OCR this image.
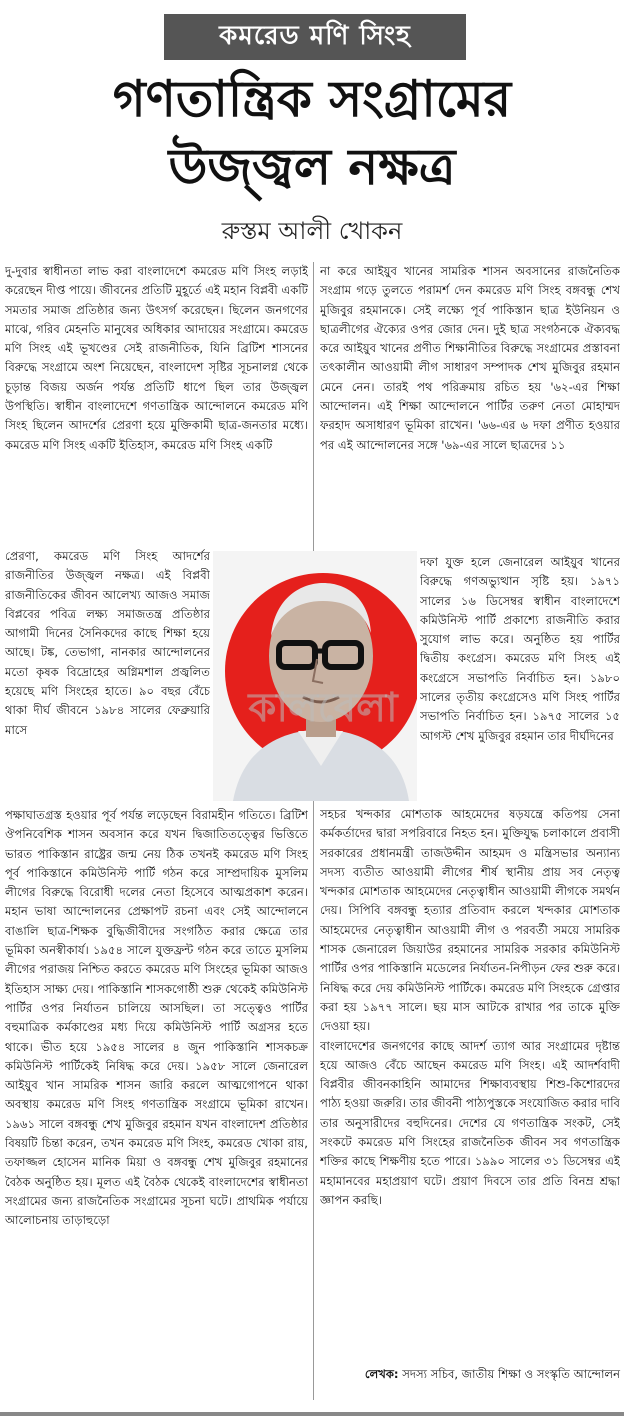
কমরেড মণি সিংহ
গণতান্ত্রিক সংগ্রামের
উজ্জ্বল নক্ষত্র
রুস্তম আলী খোকন

দু-দুবার স্বাধীনতা লাভ করা বাংলাদেশে কমরেড মণি সিংহ লড়াই করেছেন দীপ্ত পায়ে। জীবনের প্রতিটি মুহূর্তে এই মহান বিপ্লবী একটি সমতার সমাজ প্রতিষ্ঠার জন্য উৎসর্গ করেছেন। ছিলেন জনগণের মাঝে, গরিব মেহনতি মানুষের অধিকার আদায়ের সংগ্রামে। কমরেড মণি সিংহ এই ভূখণ্ডের সেই রাজনীতিক, যিনি ব্রিটিশ শাসনের বিরুদ্ধে সংগ্রামে অংশ নিয়েছেন, বাংলাদেশ সৃষ্টির সূচনালগ্ন থেকে চূড়ান্ত বিজয় অর্জন পর্যন্ত প্রতিটি ধাপে ছিল তার উজ্জ্বল উপস্থিতি। স্বাধীন বাংলাদেশে গণতান্ত্রিক আন্দোলনে কমরেড মণি সিংহ ছিলেন আদর্শের প্রেরণা হয়ে মুক্তিকামী ছাত্র-জনতার মধ্যে। কমরেড মণি সিংহ একটি ইতিহাস, কমরেড মণি সিংহ একটি

প্রেরণা, কমরেড মণি সিংহ আদর্শের রাজনীতির উজ্জ্বল নক্ষত্র। এই বিপ্লবী রাজনীতিকের জীবন আলেখ্য আজও সমাজ বিপ্লবের পবিত্র লক্ষ্য সমাজতন্ত্র প্রতিষ্ঠার আগামী দিনের সৈনিকদের কাছে শিক্ষা হয়ে আছে। টঙ্ক, তেভাগা, নানকার আন্দোলনের মতো কৃষক বিদ্রোহের অগ্নিমশাল প্রজ্বলিত হয়েছে মণি সিংহের হাতে। ৯০ বছর বেঁচে থাকা দীর্ঘ জীবনে ১৯৮৪ সালের ফেব্রুয়ারি মাসে

পক্ষাঘাতগ্রস্ত হওয়ার পূর্ব পর্যন্ত লড়েছেন বিরামহীন গতিতে। ব্রিটিশ ঔপনিবেশিক শাসন অবসান করে যখন দ্বিজাতিতত্ত্বের ভিত্তিতে ভারত পাকিস্তান রাষ্ট্রের জন্ম নেয় ঠিক তখনই কমরেড মণি সিংহ পূর্ব পাকিস্তানে কমিউনিস্ট পার্টি গঠন করে সাম্প্রদায়িক মুসলিম লীগের বিরুদ্ধে বিরোধী দলের নেতা হিসেবে আত্মপ্রকাশ করেন। মহান ভাষা আন্দোলনের প্রেক্ষাপট রচনা এবং সেই আন্দোলনে বাঙালি ছাত্র-শিক্ষক বুদ্ধিজীবীদের সংগঠিত করার ক্ষেত্রে তার ভূমিকা অনস্বীকার্য। ১৯৫৪ সালে যুক্তফ্রন্ট গঠন করে তাতে মুসলিম লীগের পরাজয় নিশ্চিত করতে কমরেড মণি সিংহের ভূমিকা আজও ইতিহাস সাক্ষ্য দেয়। পাকিস্তানি শাসকগোষ্ঠী শুরু থেকেই কমিউনিস্ট পার্টির ওপর নির্যাতন চালিয়ে আসছিল। তা সত্ত্বেও পার্টির বহুমাত্রিক কর্মকাণ্ডের মধ্য দিয়ে কমিউনিস্ট পার্টি অগ্রসর হতে থাকে। ভীত হয়ে ১৯৫৪ সালের ৪ জুন পাকিস্তানি শাসকচক্র কমিউনিস্ট পার্টিকেই নিষিদ্ধ করে দেয়। ১৯৫৮ সালে জেনারেল আইয়ুব খান সামরিক শাসন জারি করলে আত্মগোপনে থাকা অবস্থায় কমরেড মণি সিংহ গণতান্ত্রিক সংগ্রামে ভূমিকা রাখেন। ১৯৬১ সালে বঙ্গবন্ধু শেখ মুজিবুর রহমান যখন বাংলাদেশ প্রতিষ্ঠার বিষয়টি চিন্তা করেন, তখন কমরেড মণি সিংহ, কমরেড খোকা রায়, তফাজ্জল হোসেন মানিক মিয়া ও বঙ্গবন্ধু শেখ মুজিবুর রহমানের বৈঠক অনুষ্ঠিত হয়। মূলত এই বৈঠক থেকেই বাংলাদেশের স্বাধীনতা সংগ্রামের জন্য রাজনৈতিক সংগ্রামের সূচনা ঘটে। প্রাথমিক পর্যায়ে আলোচনায় তাড়াহুড়ো

না করে আইয়ুব খানের সামরিক শাসন অবসানের রাজনৈতিক সংগ্রাম গড়ে তুলতে পরামর্শ দেন কমরেড মণি সিংহ বঙ্গবন্ধু শেখ মুজিবুর রহমানকে। সেই লক্ষ্যে পূর্ব পাকিস্তান ছাত্র ইউনিয়ন ও ছাত্রলীগের ঐক্যের ওপর জোর দেন। দুই ছাত্র সংগঠনকে ঐক্যবদ্ধ করে আইয়ুব খানের প্রণীত শিক্ষানীতির বিরুদ্ধে সংগ্রামের প্রস্তাবনা তৎকালীন আওয়ামী লীগ সাধারণ সম্পাদক শেখ মুজিবুর রহমান মেনে নেন। তারই পথ পরিক্রমায় রচিত হয় '৬২-এর শিক্ষা আন্দোলন। এই শিক্ষা আন্দোলনে পার্টির তরুণ নেতা মোহাম্মদ ফরহাদ অসাধারণ ভূমিকা রাখেন। '৬৬-এর ৬ দফা প্রণীত হওয়ার পর এই আন্দোলনের সঙ্গে '৬৯-এর সালে ছাত্রদের ১১

দফা যুক্ত হলে জেনারেল আইয়ুব খানের বিরুদ্ধে গণঅভ্যুত্থান সৃষ্টি হয়। ১৯৭১ সালের ১৬ ডিসেম্বর স্বাধীন বাংলাদেশে কমিউনিস্ট পার্টি প্রকাশ্যে রাজনীতি করার সুযোগ লাভ করে। অনুষ্ঠিত হয় পার্টির দ্বিতীয় কংগ্রেস। কমরেড মণি সিংহ এই কংগ্রেসে সভাপতি নির্বাচিত হন। ১৯৮০ সালের তৃতীয় কংগ্রেসেও মণি সিংহ পার্টির সভাপতি নির্বাচিত হন। ১৯৭৫ সালের ১৫ আগস্ট শেখ মুজিবুর রহমান তার দীর্ঘদিনের

সহচর খন্দকার মোশতাক আহমেদের ষড়যন্ত্রে কতিপয় সেনা কর্মকর্তাদের দ্বারা সপরিবারে নিহত হন। মুক্তিযুদ্ধ চলাকালে প্রবাসী সরকারের প্রধানমন্ত্রী তাজউদ্দীন আহমদ ও মন্ত্রিসভার অন্যান্য সদস্য ব্যতীত আওয়ামী লীগের শীর্ষ স্থানীয় প্রায় সব নেতৃত্ব খন্দকার মোশতাক আহমেদের নেতৃত্বাধীন আওয়ামী লীগকে সমর্থন দেয়। সিপিবি বঙ্গবন্ধু হত্যার প্রতিবাদ করলে খন্দকার মোশতাক আহমেদের নেতৃত্বাধীন আওয়ামী লীগ ও পরবর্তী সময়ে সামরিক শাসক জেনারেল জিয়াউর রহমানের সামরিক সরকার কমিউনিস্ট পার্টির ওপর পাকিস্তানি মডেলের নির্যাতন-নিপীড়ন ফের শুরু করে। নিষিদ্ধ করে দেয় কমিউনিস্ট পার্টিকে। কমরেড মণি সিংহকে গ্রেপ্তার করা হয় ১৯৭৭ সালে। ছয় মাস আটকে রাখার পর তাকে মুক্তি দেওয়া হয়।

বাংলাদেশের জনগণের কাছে আদর্শ ত্যাগ আর সংগ্রামের দৃষ্টান্ত হয়ে আজও বেঁচে আছেন কমরেড মণি সিংহ। এই আদর্শবাদী বিপ্লবীর জীবনকাহিনি আমাদের শিক্ষাব্যবস্থায় শিশু-কিশোরদের পাঠ্য হওয়া জরুরি। তার জীবনী পাঠ্যপুস্তকে সংযোজিত করার দাবি তার অনুসারীদের বহুদিনের। দেশের যে গণতান্ত্রিক সংকট, সেই সংকটে কমরেড মণি সিংহের রাজনৈতিক জীবন সব গণতান্ত্রিক শক্তির কাছে শিক্ষণীয় হতে পারে। ১৯৯০ সালের ৩১ ডিসেম্বর এই মহামানবের মহাপ্রয়াণ ঘটে। প্রয়াণ দিবসে তার প্রতি বিনম্র শ্রদ্ধা জ্ঞাপন করছি।

কালবেলা
লেখক: সদস্য সচিব, জাতীয় শিক্ষা ও সংস্কৃতি আন্দোলন
